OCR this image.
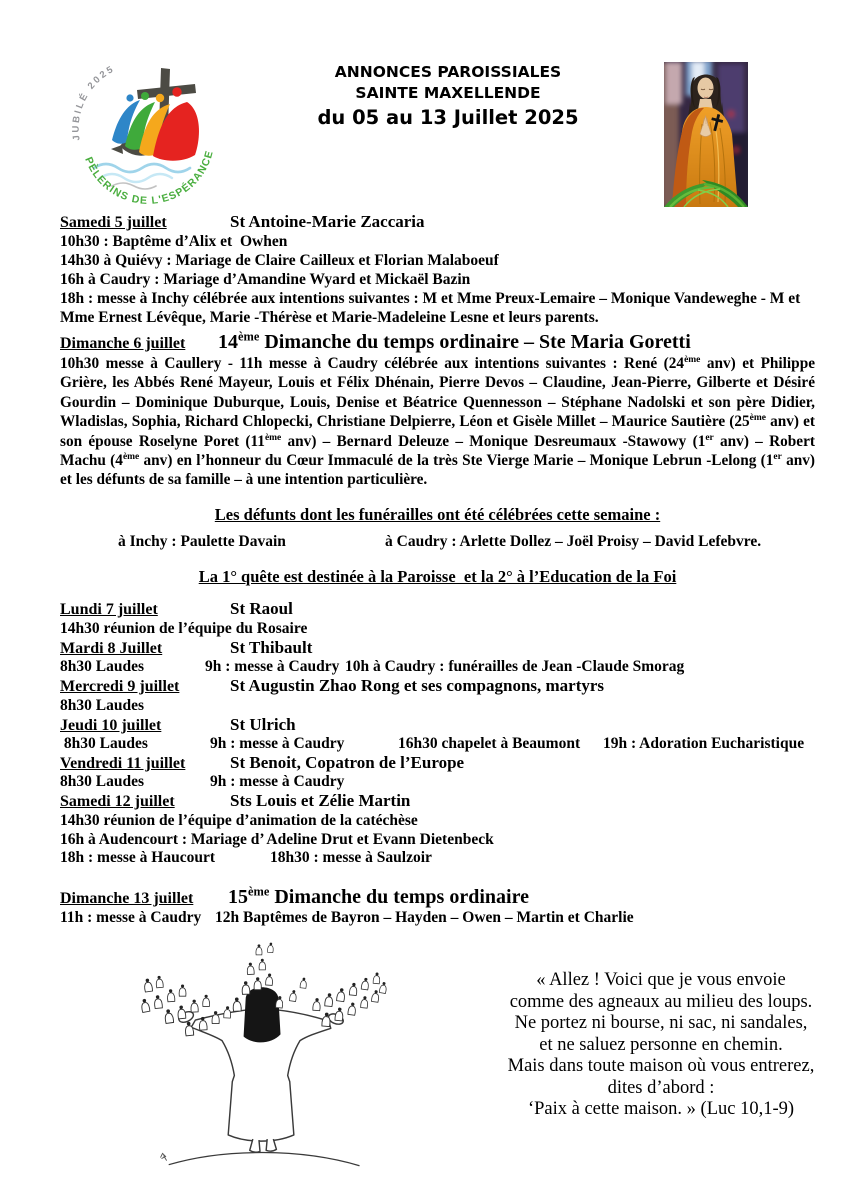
JUBILÉ 2025
PÈLERINS DE L'ESPÉRANCE
ANNONCES PAROISSIALES
SAINTE MAXELLENDE
du 05 au 13 Juillet 2025
Samedi 5 juillet	St Antoine-Marie Zaccaria
10h30 : Baptême d’Alix et  Owhen
14h30 à Quiévy : Mariage de Claire Cailleux et Florian Malaboeuf
16h à Caudry : Mariage d’Amandine Wyard et Mickaël Bazin
18h : messe à Inchy célébrée aux intentions suivantes : M et Mme Preux-Lemaire – Monique Vandeweghe - M et Mme Ernest Lévêque, Marie -Thérèse et Marie-Madeleine Lesne et leurs parents.
Dimanche 6 juillet	14ème Dimanche du temps ordinaire – Ste Maria Goretti
10h30 messe à Caullery - 11h messe à Caudry célébrée aux intentions suivantes : René (24ème anv) et Philippe Grière, les Abbés René Mayeur, Louis et Félix Dhénain, Pierre Devos – Claudine, Jean-Pierre, Gilberte et Désiré Gourdin – Dominique Duburque, Louis, Denise et Béatrice Quennesson – Stéphane Nadolski et son père Didier, Wladislas, Sophia, Richard Chlopecki, Christiane Delpierre, Léon et Gisèle Millet – Maurice Sautière (25ème anv) et son épouse Roselyne Poret (11ème anv) – Bernard Deleuze – Monique Desreumaux -Stawowy (1er anv) – Robert Machu (4ème anv) en l’honneur du Cœur Immaculé de la très Ste Vierge Marie – Monique Lebrun -Lelong (1er anv) et les défunts de sa famille – à une intention particulière.
Les défunts dont les funérailles ont été célébrées cette semaine :
à Inchy : Paulette Davain	à Caudry : Arlette Dollez – Joël Proisy – David Lefebvre.
La 1° quête est destinée à la Paroisse  et la 2° à l’Education de la Foi
Lundi 7 juillet	St Raoul
14h30 réunion de l’équipe du Rosaire
Mardi 8 Juillet	St Thibault
8h30 Laudes	9h : messe à Caudry 10h à Caudry : funérailles de Jean -Claude Smorag
Mercredi 9 juillet	St Augustin Zhao Rong et ses compagnons, martyrs
8h30 Laudes
Jeudi 10 juillet	St Ulrich
8h30 Laudes	9h : messe à Caudry	16h30 chapelet à Beaumont	19h : Adoration Eucharistique
Vendredi 11 juillet	St Benoit, Copatron de l’Europe
8h30 Laudes	9h : messe à Caudry
Samedi 12 juillet	Sts Louis et Zélie Martin
14h30 réunion de l’équipe d’animation de la catéchèse
16h à Audencourt : Mariage d’ Adeline Drut et Evann Dietenbeck
18h : messe à Haucourt	18h30 : messe à Saulzoir
Dimanche 13 juillet	15ème Dimanche du temps ordinaire
11h : messe à Caudry 12h Baptêmes de Bayron – Hayden – Owen – Martin et Charlie
« Allez ! Voici que je vous envoie
comme des agneaux au milieu des loups.
Ne portez ni bourse, ni sac, ni sandales,
et ne saluez personne en chemin.
Mais dans toute maison où vous entrerez,
dites d’abord :
‘Paix à cette maison. » (Luc 10,1-9)
